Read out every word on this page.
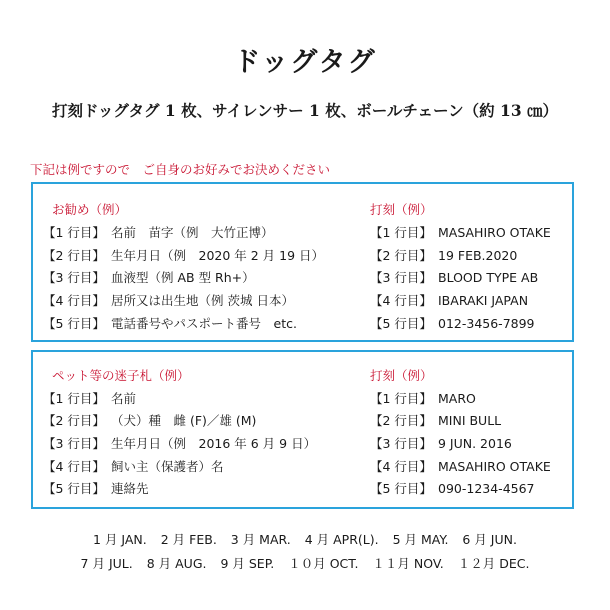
ドッグタグ
打刻ドッグタグ 1 枚、サイレンサー 1 枚、ボールチェーン（約 13 ㎝）
下記は例ですので　ご自身のお好みでお決めください
お勧め（例）	打刻（例）
【1 行目】 名前　苗字（例　大竹正博）	【1 行目】 MASAHIRO OTAKE
【2 行目】 生年月日（例　2020 年 2 月 19 日）	【2 行目】 19 FEB.2020
【3 行目】 血液型（例 AB 型 Rh+）	【3 行目】 BLOOD TYPE AB
【4 行目】 居所又は出生地（例 茨城 日本）	【4 行目】 IBARAKI JAPAN
【5 行目】 電話番号やパスポート番号　etc.	【5 行目】 012-3456-7899
ペット等の迷子札（例）	打刻（例）
【1 行目】 名前	【1 行目】 MARO
【2 行目】 （犬）種　雌 (F)／雄 (M)	【2 行目】 MINI BULL
【3 行目】 生年月日（例　2016 年 6 月 9 日）	【3 行目】 9 JUN. 2016
【4 行目】 飼い主（保護者）名	【4 行目】 MASAHIRO OTAKE
【5 行目】 連絡先	【5 行目】 090-1234-4567
1 月 JAN. 2 月 FEB. 3 月 MAR. 4 月 APR(L). 5 月 MAY. 6 月 JUN.
7 月 JUL. 8 月 AUG. 9 月 SEP. １０月 OCT. １１月 NOV. １２月 DEC.
